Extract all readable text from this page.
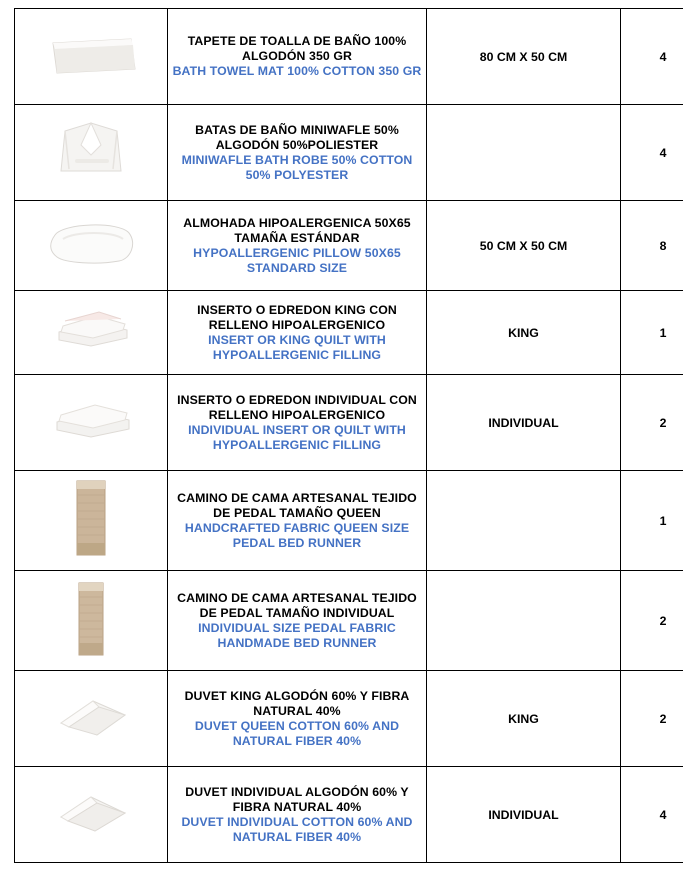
TAPETE DE TOALLA DE BAÑO 100% ALGODÓN 350 GR
BATH TOWEL MAT 100% COTTON 350 GR	80 CM X 50 CM	4

BATAS DE BAÑO MINIWAFLE 50% ALGODÓN 50%POLIESTER
MINIWAFLE BATH ROBE 50% COTTON 50% POLYESTER		4

ALMOHADA HIPOALERGENICA 50X65 TAMAÑA ESTÁNDAR
HYPOALLERGENIC PILLOW 50X65 STANDARD SIZE	50 CM X 50 CM	8

INSERTO O EDREDON KING CON RELLENO HIPOALERGENICO
INSERT OR KING QUILT WITH HYPOALLERGENIC FILLING	KING	1

INSERTO O EDREDON INDIVIDUAL CON RELLENO HIPOALERGENICO
INDIVIDUAL INSERT OR QUILT WITH HYPOALLERGENIC FILLING	INDIVIDUAL	2

CAMINO DE CAMA ARTESANAL TEJIDO DE PEDAL TAMAÑO QUEEN
HANDCRAFTED FABRIC QUEEN SIZE PEDAL BED RUNNER		1

CAMINO DE CAMA ARTESANAL TEJIDO DE PEDAL TAMAÑO INDIVIDUAL
INDIVIDUAL SIZE PEDAL FABRIC HANDMADE BED RUNNER		2

DUVET KING ALGODÓN 60% Y FIBRA NATURAL 40%
DUVET QUEEN COTTON 60% AND NATURAL FIBER 40%	KING	2

DUVET INDIVIDUAL ALGODÓN 60% Y FIBRA NATURAL 40%
DUVET INDIVIDUAL COTTON 60% AND NATURAL FIBER 40%	INDIVIDUAL	4
